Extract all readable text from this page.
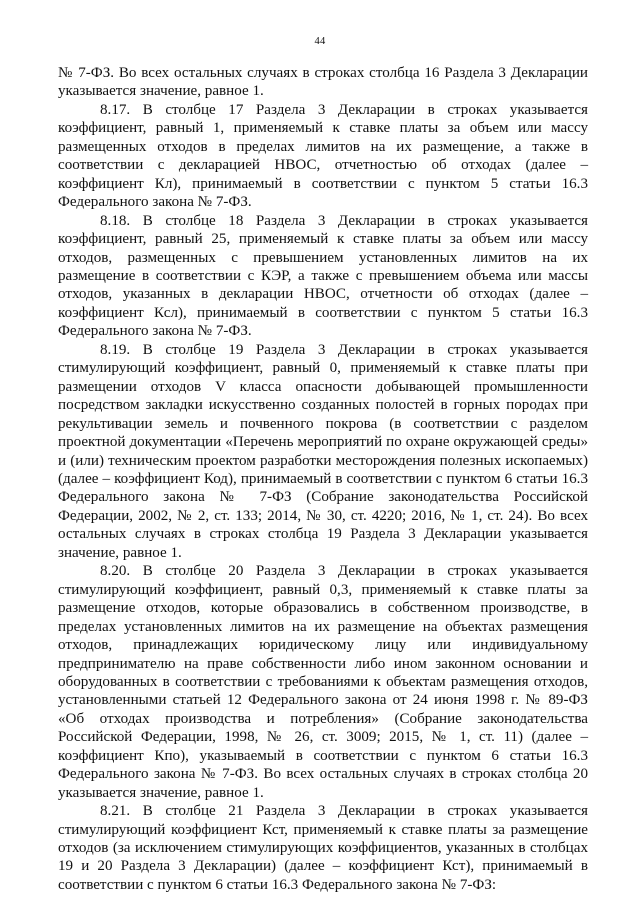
44

№ 7-ФЗ. Во всех остальных случаях в строках столбца 16 Раздела 3 Декларации указывается значение, равное 1.

8.17. В столбце 17 Раздела 3 Декларации в строках указывается коэффициент, равный 1, применяемый к ставке платы за объем или массу размещенных отходов в пределах лимитов на их размещение, а также в соответствии с декларацией НВОС, отчетностью об отходах (далее – коэффициент Кл), принимаемый в соответствии с пунктом 5 статьи 16.3 Федерального закона № 7-ФЗ.

8.18. В столбце 18 Раздела 3 Декларации в строках указывается коэффициент, равный 25, применяемый к ставке платы за объем или массу отходов, размещенных с превышением установленных лимитов на их размещение в соответствии с КЭР, а также с превышением объема или массы отходов, указанных в декларации НВОС, отчетности об отходах (далее – коэффициент Ксл), принимаемый в соответствии с пунктом 5 статьи 16.3 Федерального закона № 7-ФЗ.

8.19. В столбце 19 Раздела 3 Декларации в строках указывается стимулирующий коэффициент, равный 0, применяемый к ставке платы при размещении отходов V класса опасности добывающей промышленности посредством закладки искусственно созданных полостей в горных породах при рекультивации земель и почвенного покрова (в соответствии с разделом проектной документации «Перечень мероприятий по охране окружающей среды» и (или) техническим проектом разработки месторождения полезных ископаемых) (далее – коэффициент Код), принимаемый в соответствии с пунктом 6 статьи 16.3 Федерального закона № 7-ФЗ (Собрание законодательства Российской Федерации, 2002, № 2, ст. 133; 2014, № 30, ст. 4220; 2016, № 1, ст. 24). Во всех остальных случаях в строках столбца 19 Раздела 3 Декларации указывается значение, равное 1.

8.20. В столбце 20 Раздела 3 Декларации в строках указывается стимулирующий коэффициент, равный 0,3, применяемый к ставке платы за размещение отходов, которые образовались в собственном производстве, в пределах установленных лимитов на их размещение на объектах размещения отходов, принадлежащих юридическому лицу или индивидуальному предпринимателю на праве собственности либо ином законном основании и оборудованных в соответствии с требованиями к объектам размещения отходов, установленными статьей 12 Федерального закона от 24 июня 1998 г. № 89-ФЗ «Об отходах производства и потребления» (Собрание законодательства Российской Федерации, 1998, № 26, ст. 3009; 2015, № 1, ст. 11) (далее – коэффициент Кпо), указываемый в соответствии с пунктом 6 статьи 16.3 Федерального закона № 7-ФЗ. Во всех остальных случаях в строках столбца 20 указывается значение, равное 1.

8.21. В столбце 21 Раздела 3 Декларации в строках указывается стимулирующий коэффициент Кст, применяемый к ставке платы за размещение отходов (за исключением стимулирующих коэффициентов, указанных в столбцах 19 и 20 Раздела 3 Декларации) (далее – коэффициент Кст), принимаемый в соответствии с пунктом 6 статьи 16.3 Федерального закона № 7-ФЗ:
